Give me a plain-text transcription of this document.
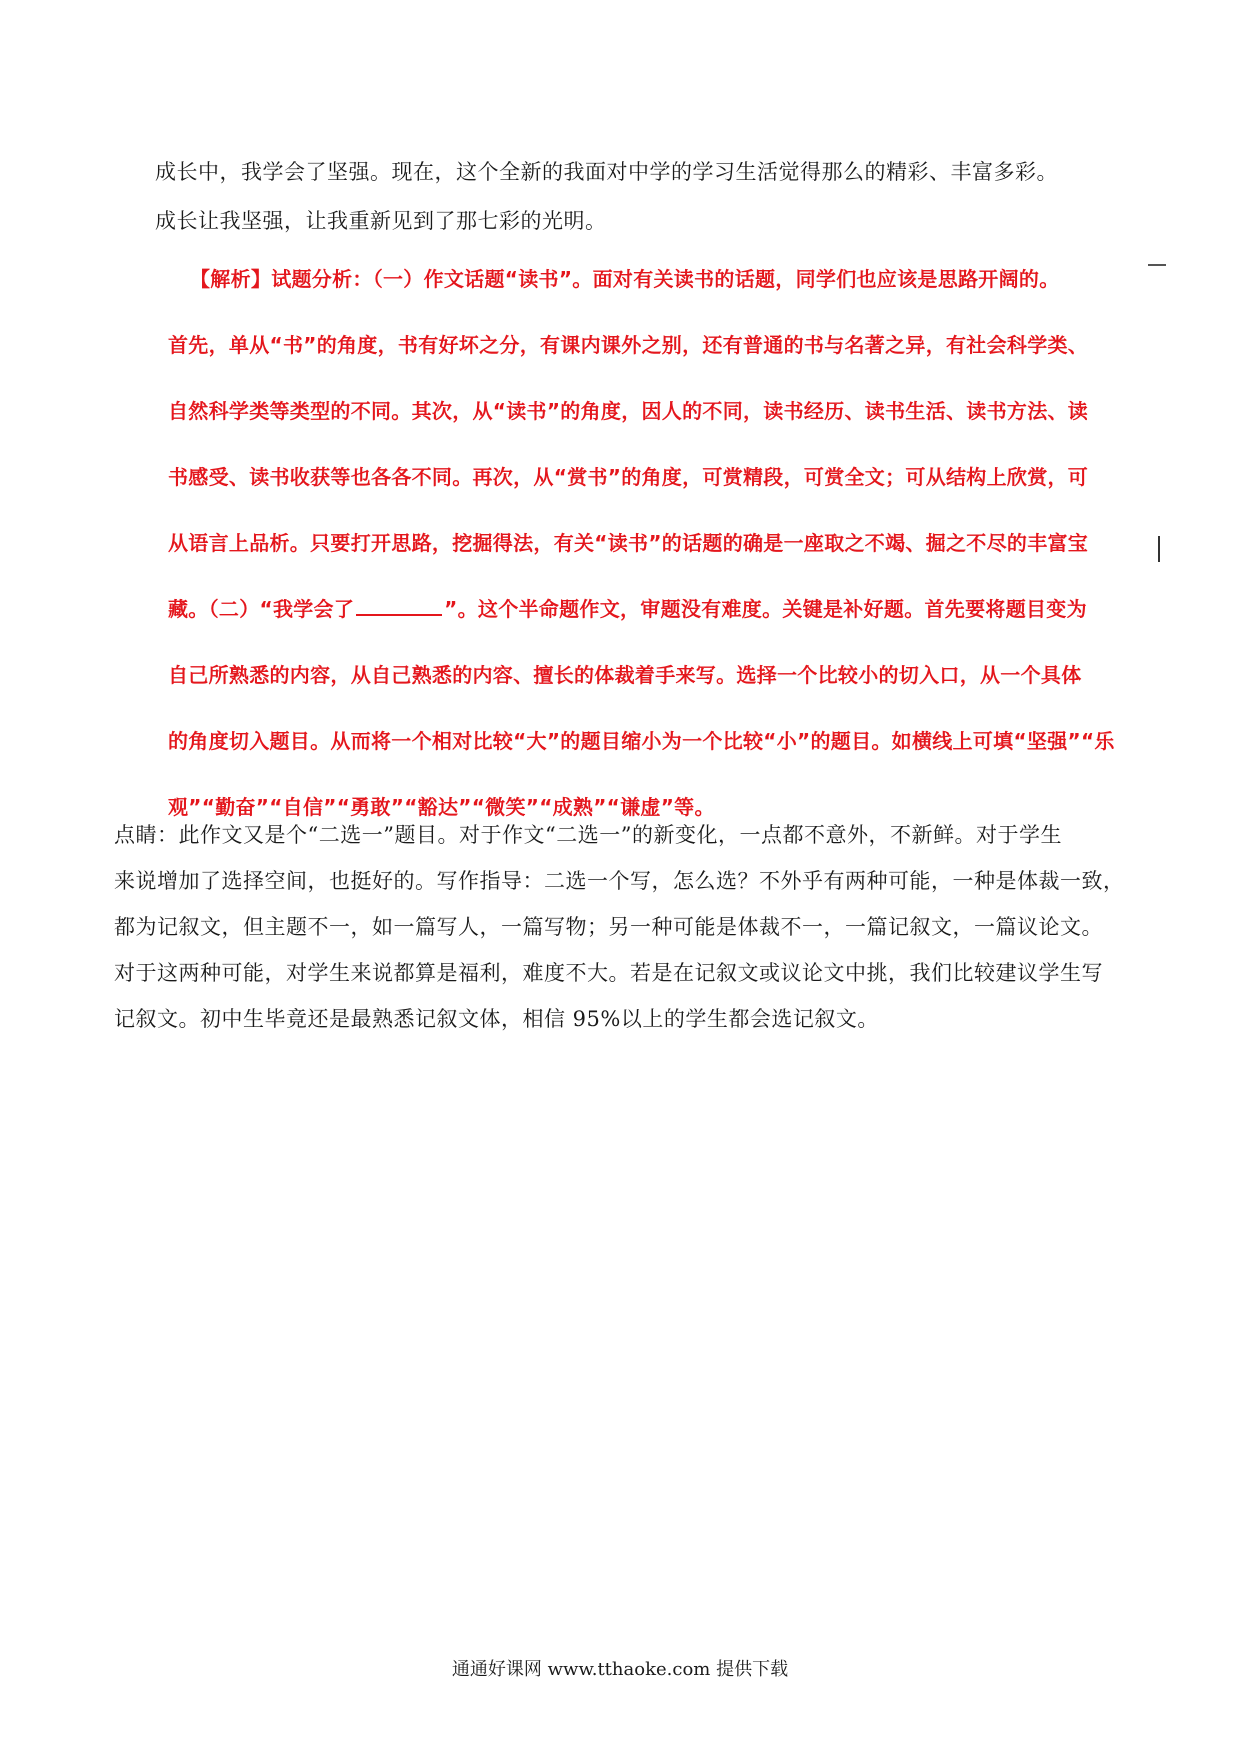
成长中，我学会了坚强。现在，这个全新的我面对中学的学习生活觉得那么的精彩、丰富多彩。
成长让我坚强，让我重新见到了那七彩的光明。
【解析】试题分析：（一）作文话题“读书”。面对有关读书的话题，同学们也应该是思路开阔的。
首先，单从“书”的角度，书有好坏之分，有课内课外之别，还有普通的书与名著之异，有社会科学类、
自然科学类等类型的不同。其次，从“读书”的角度，因人的不同，读书经历、读书生活、读书方法、读
书感受、读书收获等也各各不同。再次，从“赏书”的角度，可赏精段，可赏全文；可从结构上欣赏，可
从语言上品析。只要打开思路，挖掘得法，有关“读书”的话题的确是一座取之不竭、掘之不尽的丰富宝
藏。（二）“我学会了	”。这个半命题作文，审题没有难度。关键是补好题。首先要将题目变为
自己所熟悉的内容，从自己熟悉的内容、擅长的体裁着手来写。选择一个比较小的切入口，从一个具体
的角度切入题目。从而将一个相对比较“大”的题目缩小为一个比较“小”的题目。如横线上可填“坚强”“乐
观”“勤奋”“自信”“勇敢”“豁达”“微笑”“成熟”“谦虚”等。
点睛：此作文又是个“二选一”题目。对于作文“二选一”的新变化，一点都不意外，不新鲜。对于学生
来说增加了选择空间，也挺好的。写作指导：二选一个写，怎么选？不外乎有两种可能，一种是体裁一致，
都为记叙文，但主题不一，如一篇写人，一篇写物；另一种可能是体裁不一，一篇记叙文，一篇议论文。
对于这两种可能，对学生来说都算是福利，难度不大。若是在记叙文或议论文中挑，我们比较建议学生写
记叙文。初中生毕竟还是最熟悉记叙文体，相信 95%以上的学生都会选记叙文。
通通好课网 www.tthaoke.com 提供下载
